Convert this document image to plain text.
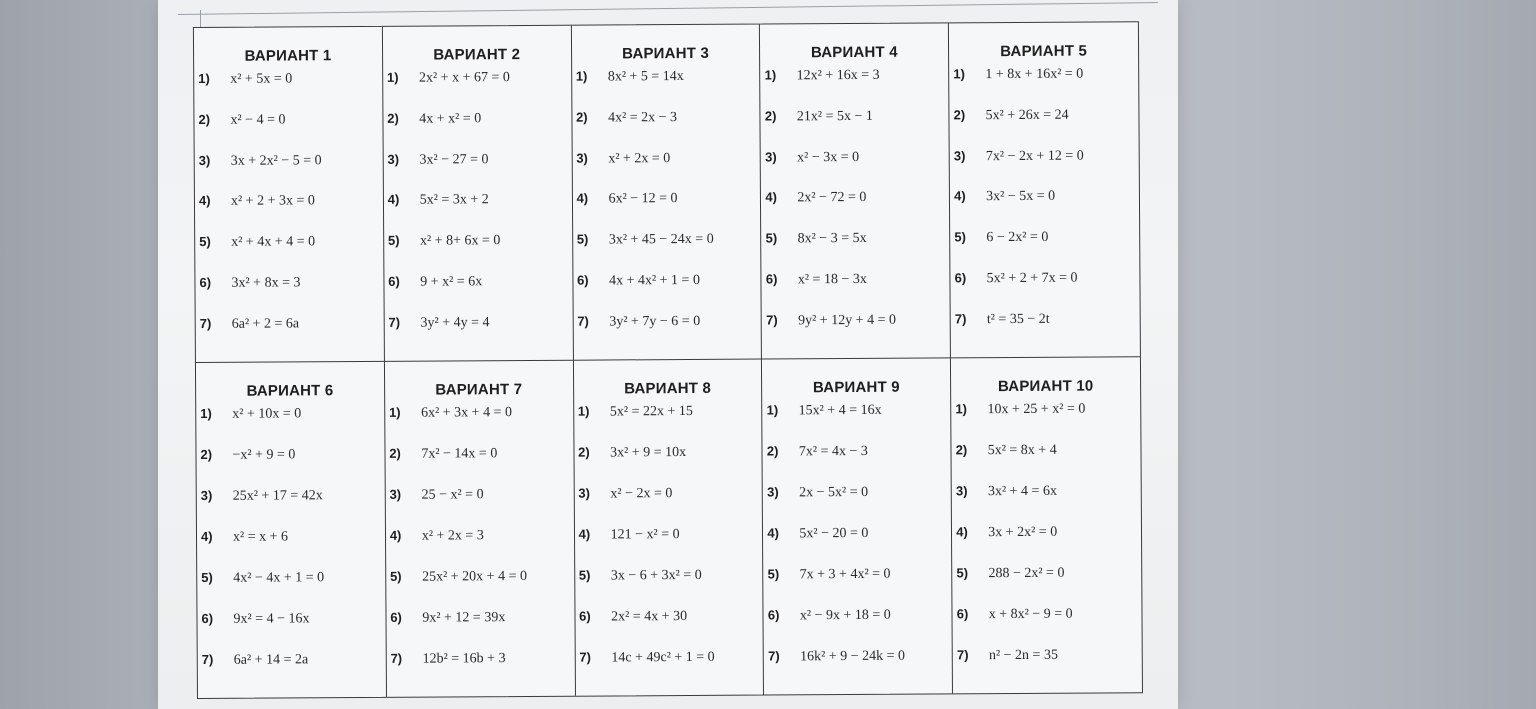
ВАРИАНТ 1
1)	x² + 5x = 0
2)	x² − 4 = 0
3)	3x + 2x² − 5 = 0
4)	x² + 2 + 3x = 0
5)	x² + 4x + 4 = 0
6)	3x² + 8x = 3
7)	6a² + 2 = 6a
ВАРИАНТ 2
1)	2x² + x + 67 = 0
2)	4x + x² = 0
3)	3x² − 27 = 0
4)	5x² = 3x + 2
5)	x² + 8+ 6x = 0
6)	9 + x² = 6x
7)	3y² + 4y = 4
ВАРИАНТ 3
1)	8x² + 5 = 14x
2)	4x² = 2x − 3
3)	x² + 2x = 0
4)	6x² − 12 = 0
5)	3x² + 45 − 24x = 0
6)	4x + 4x² + 1 = 0
7)	3y² + 7y − 6 = 0
ВАРИАНТ 4
1)	12x² + 16x = 3
2)	21x² = 5x − 1
3)	x² − 3x = 0
4)	2x² − 72 = 0
5)	8x² − 3 = 5x
6)	x² = 18 − 3x
7)	9y² + 12y + 4 = 0
ВАРИАНТ 5
1)	1 + 8x + 16x² = 0
2)	5x² + 26x = 24
3)	7x² − 2x + 12 = 0
4)	3x² − 5x = 0
5)	6 − 2x² = 0
6)	5x² + 2 + 7x = 0
7)	t² = 35 − 2t
ВАРИАНТ 6
1)	x² + 10x = 0
2)	−x² + 9 = 0
3)	25x² + 17 = 42x
4)	x² = x + 6
5)	4x² − 4x + 1 = 0
6)	9x² = 4 − 16x
7)	6a² + 14 = 2a
ВАРИАНТ 7
1)	6x² + 3x + 4 = 0
2)	7x² − 14x = 0
3)	25 − x² = 0
4)	x² + 2x = 3
5)	25x² + 20x + 4 = 0
6)	9x² + 12 = 39x
7)	12b² = 16b + 3
ВАРИАНТ 8
1)	5x² = 22x + 15
2)	3x² + 9 = 10x
3)	x² − 2x = 0
4)	121 − x² = 0
5)	3x − 6 + 3x² = 0
6)	2x² = 4x + 30
7)	14c + 49c² + 1 = 0
ВАРИАНТ 9
1)	15x² + 4 = 16x
2)	7x² = 4x − 3
3)	2x − 5x² = 0
4)	5x² − 20 = 0
5)	7x + 3 + 4x² = 0
6)	x² − 9x + 18 = 0
7)	16k² + 9 − 24k = 0
ВАРИАНТ 10
1)	10x + 25 + x² = 0
2)	5x² = 8x + 4
3)	3x² + 4 = 6x
4)	3x + 2x² = 0
5)	288 − 2x² = 0
6)	x + 8x² − 9 = 0
7)	n² − 2n = 35
